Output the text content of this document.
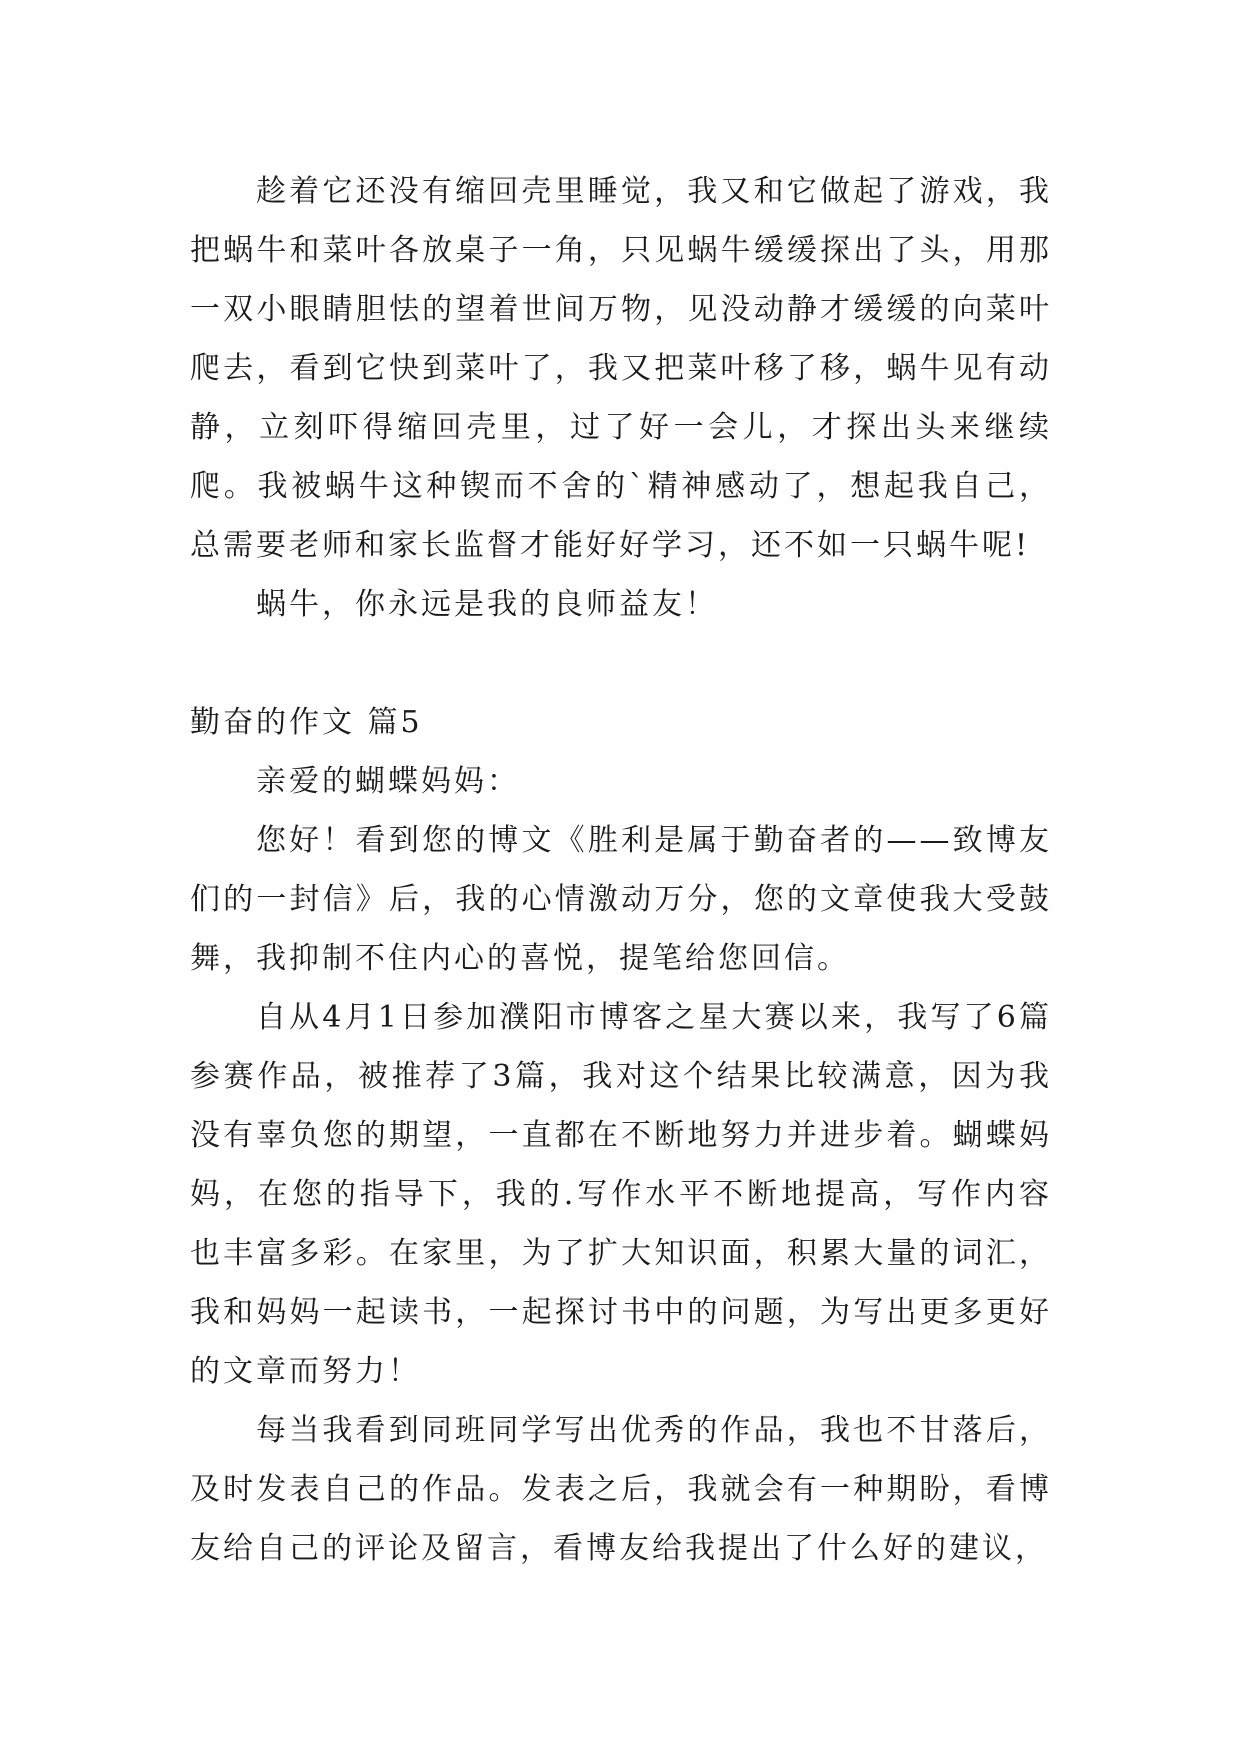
趁着它还没有缩回壳里睡觉，我又和它做起了游戏，我把蜗牛和菜叶各放桌子一角，只见蜗牛缓缓探出了头，用那一双小眼睛胆怯的望着世间万物，见没动静才缓缓的向菜叶爬去，看到它快到菜叶了，我又把菜叶移了移，蜗牛见有动静，立刻吓得缩回壳里，过了好一会儿，才探出头来继续爬。我被蜗牛这种锲而不舍的`精神感动了，想起我自己，总需要老师和家长监督才能好好学习，还不如一只蜗牛呢!

蜗牛，你永远是我的良师益友！

勤奋的作文 篇5

亲爱的蝴蝶妈妈：

您好！看到您的博文《胜利是属于勤奋者的——致博友们的一封信》后，我的心情激动万分，您的文章使我大受鼓舞，我抑制不住内心的喜悦，提笔给您回信。

自从4月1日参加濮阳市博客之星大赛以来，我写了6篇参赛作品，被推荐了3篇，我对这个结果比较满意，因为我没有辜负您的期望，一直都在不断地努力并进步着。蝴蝶妈妈，在您的指导下，我的.写作水平不断地提高，写作内容也丰富多彩。在家里，为了扩大知识面，积累大量的词汇，我和妈妈一起读书，一起探讨书中的问题，为写出更多更好的文章而努力！

每当我看到同班同学写出优秀的作品，我也不甘落后，及时发表自己的作品。发表之后，我就会有一种期盼，看博友给自己的评论及留言，看博友给我提出了什么好的建议，
